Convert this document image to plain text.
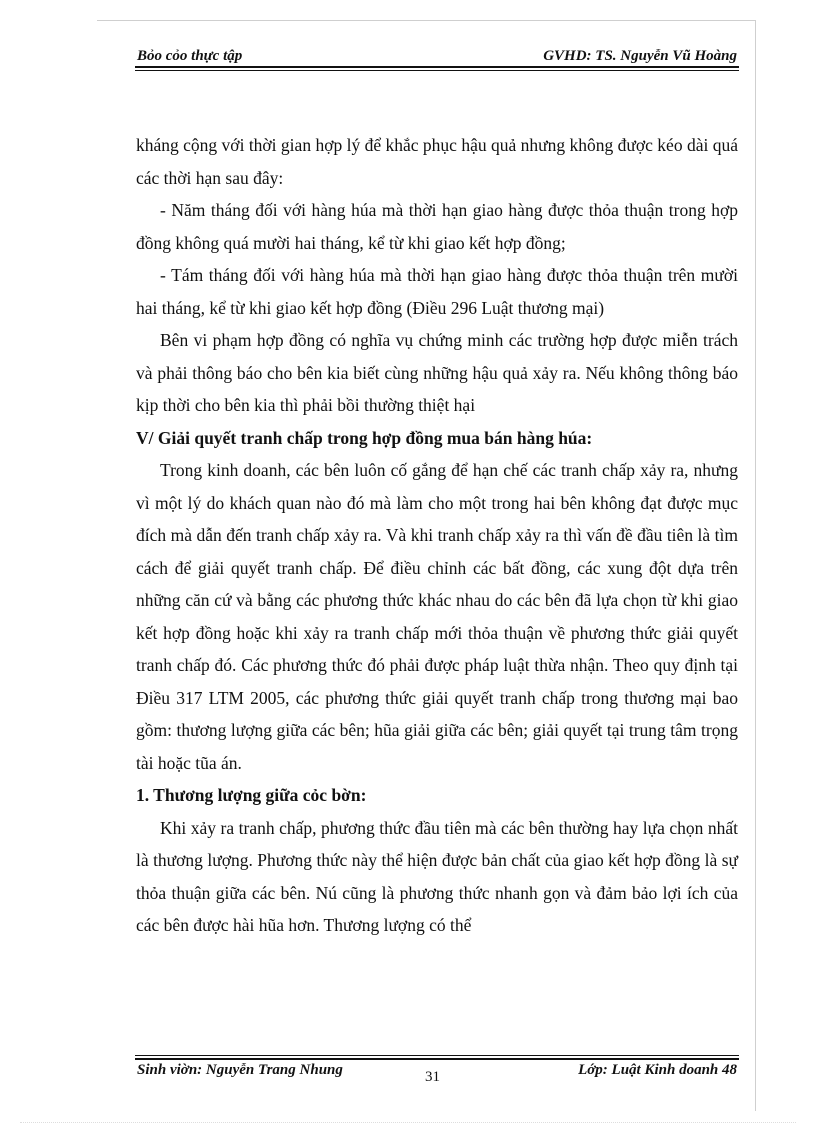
Bỏo cỏo thực tập	GVHD: TS. Nguyễn Vũ Hoàng

kháng cộng với thời gian hợp lý để khắc phục hậu quả nhưng không được kéo dài quá các thời hạn sau đây:

- Năm tháng đối với hàng húa mà thời hạn giao hàng được thỏa thuận trong hợp đồng không quá mười hai tháng, kể từ khi giao kết hợp đồng;

- Tám tháng đối với hàng húa mà thời hạn giao hàng được thỏa thuận trên mười hai tháng, kể từ khi giao kết hợp đồng (Điều 296 Luật thương mại)

Bên vi phạm hợp đồng có nghĩa vụ chứng minh các trường hợp được miễn trách và phải thông báo cho bên kia biết cùng những hậu quả xảy ra. Nếu không thông báo kịp thời cho bên kia thì phải bồi thường thiệt hại

V/ Giải quyết tranh chấp trong hợp đồng mua bán hàng húa:

Trong kinh doanh, các bên luôn cố gắng để hạn chế các tranh chấp xảy ra, nhưng vì một lý do khách quan nào đó mà làm cho một trong hai bên không đạt được mục đích mà dẫn đến tranh chấp xảy ra. Và khi tranh chấp xảy ra thì vấn đề đầu tiên là tìm cách để giải quyết tranh chấp. Để điều chỉnh các bất đồng, các xung đột dựa trên những căn cứ và bằng các phương thức khác nhau do các bên đã lựa chọn từ khi giao kết hợp đồng hoặc khi xảy ra tranh chấp mới thỏa thuận về phương thức giải quyết tranh chấp đó. Các phương thức đó phải được pháp luật thừa nhận. Theo quy định tại Điều 317 LTM 2005, các phương thức giải quyết tranh chấp trong thương mại bao gồm: thương lượng giữa các bên; hũa giải giữa các bên; giải quyết tại trung tâm trọng tài hoặc tũa án.

1. Thương lượng giữa cỏc bờn:

Khi xảy ra tranh chấp, phương thức đầu tiên mà các bên thường hay lựa chọn nhất là thương lượng. Phương thức này thể hiện được bản chất của giao kết hợp đồng là sự thỏa thuận giữa các bên. Nú cũng là phương thức nhanh gọn và đảm bảo lợi ích của các bên được hài hũa hơn. Thương lượng có thể

Sinh viờn: Nguyễn Trang Nhung	31	Lớp: Luật Kinh doanh 48
